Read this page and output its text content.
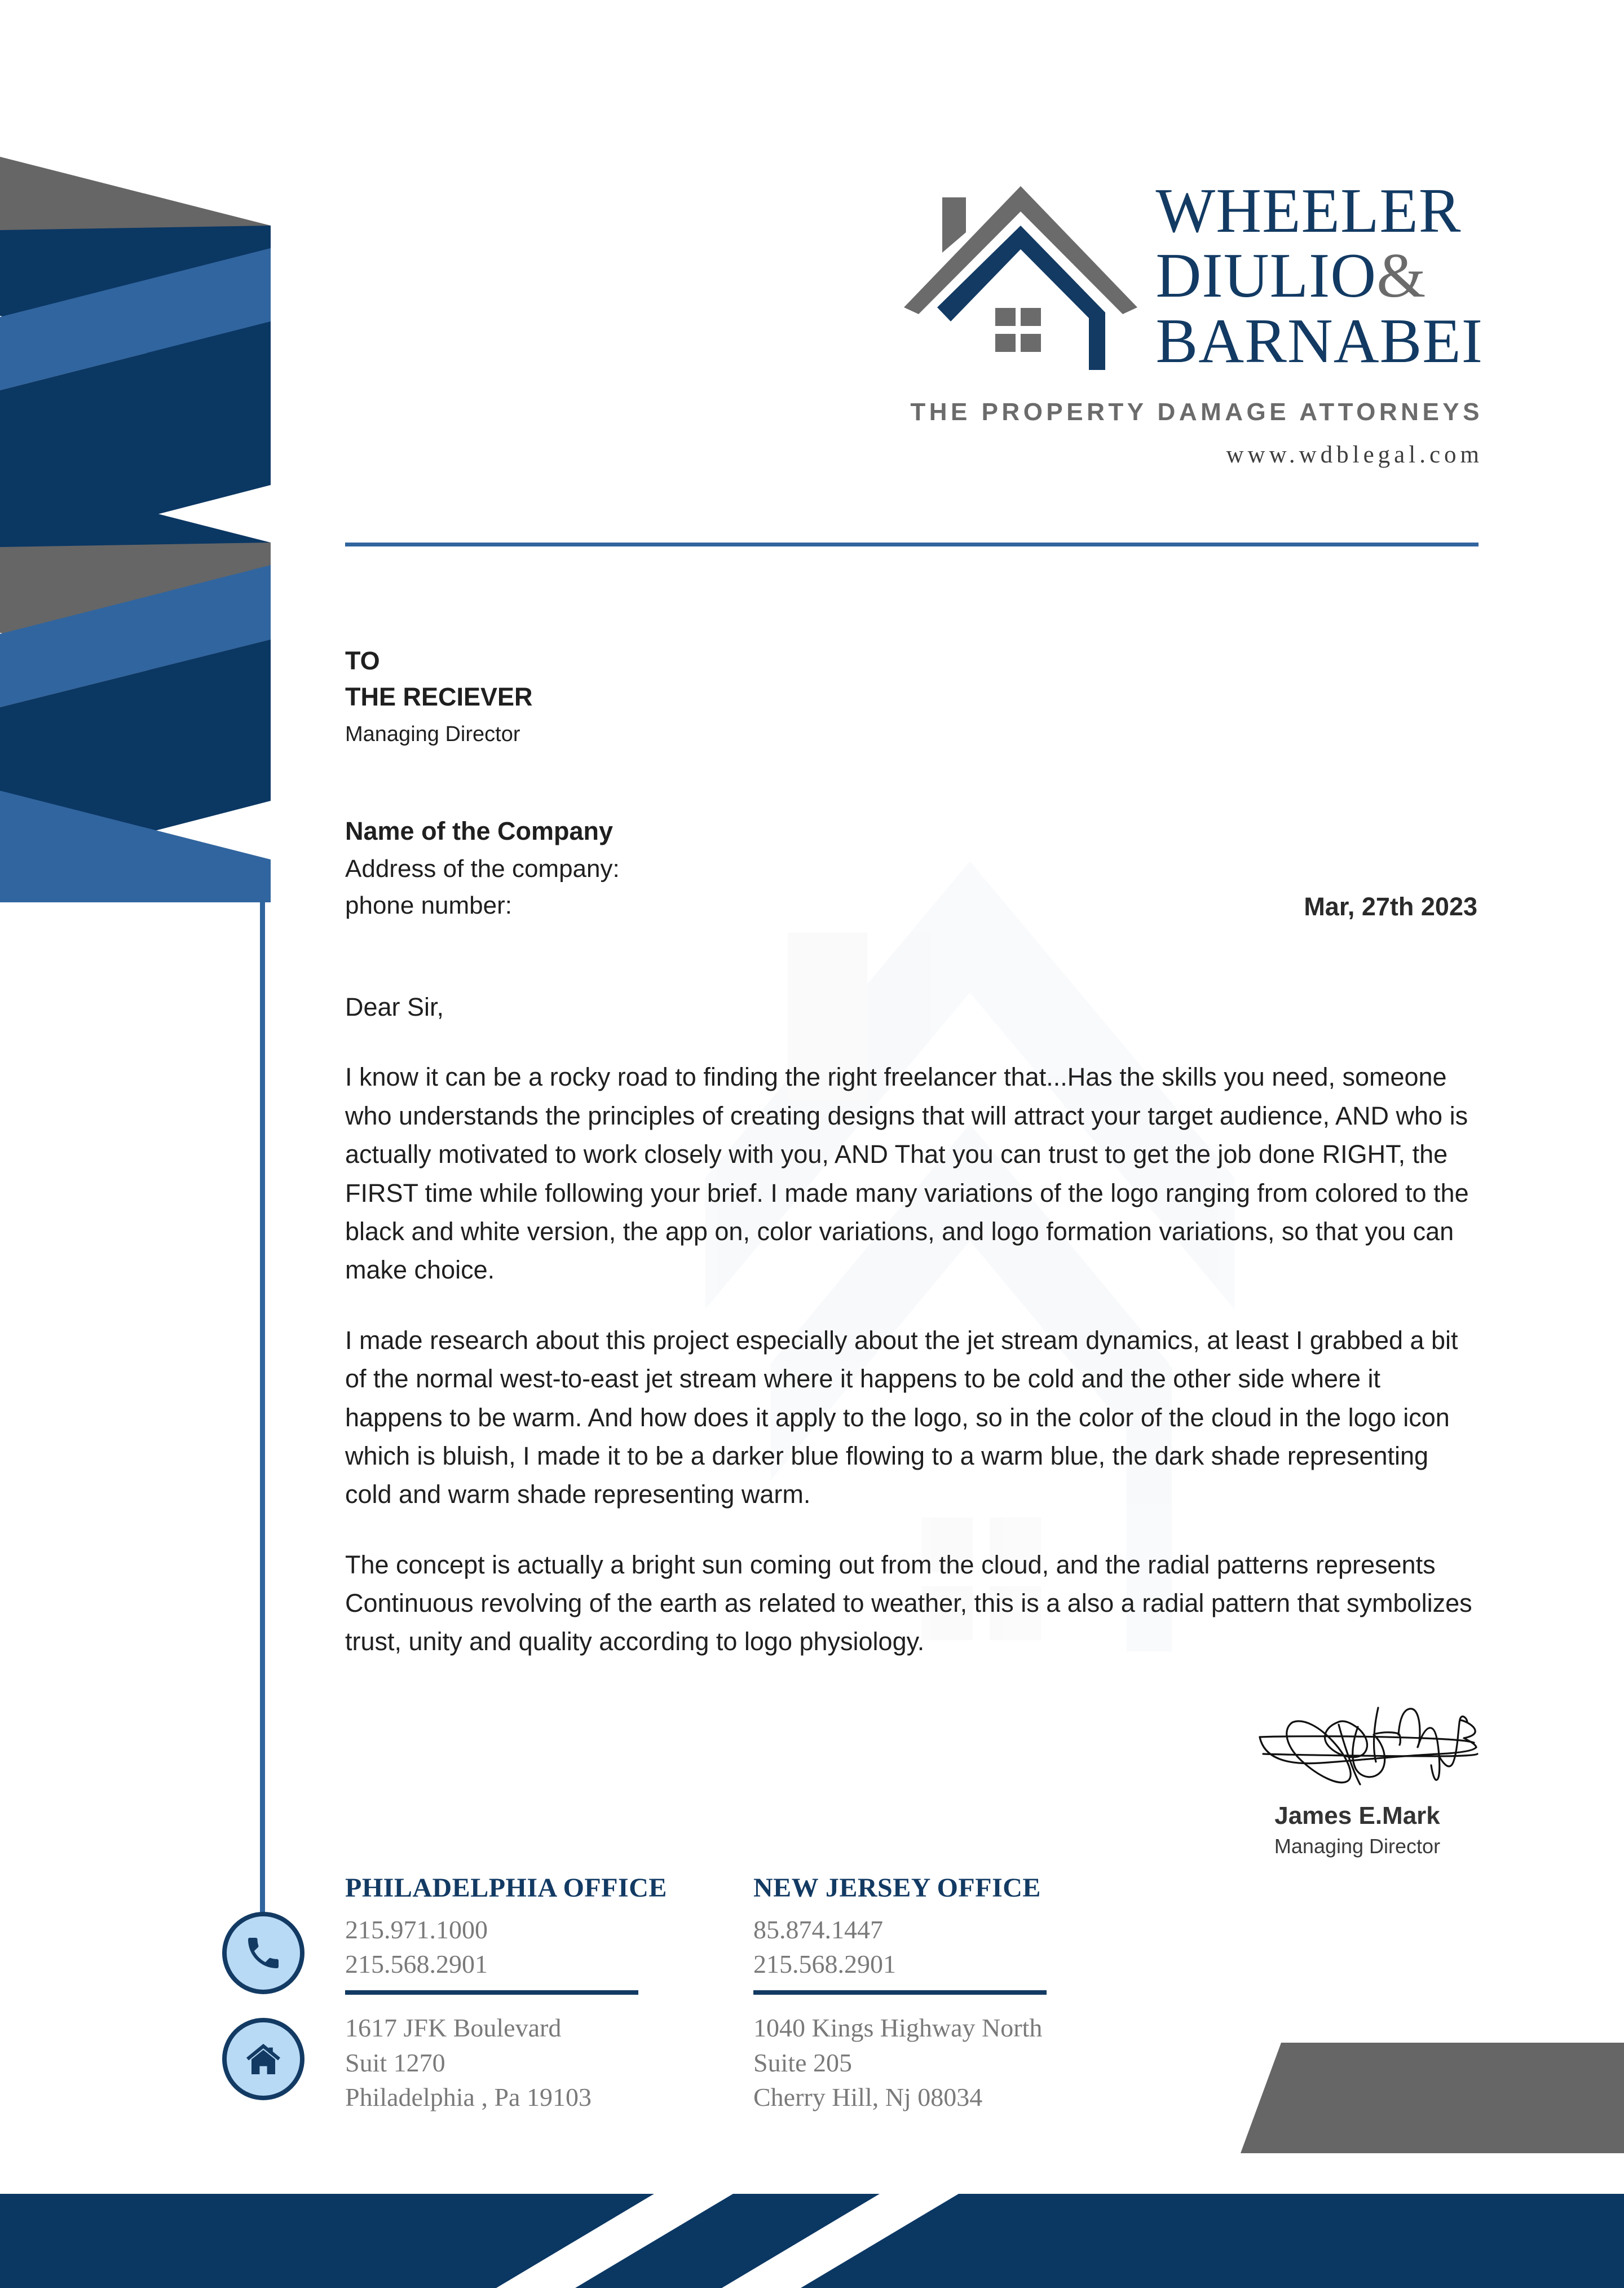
WHEELER
DIULIO&
BARNABEI
THE PROPERTY DAMAGE ATTORNEYS
www.wdblegal.com
TO
THE RECIEVER
Managing Director
Name of the Company
Address of the company:
phone number:	Mar, 27th 2023
Dear Sir,

I know it can be a rocky road to finding the right freelancer that...Has the skills you need, someone who understands the principles of creating designs that will attract your target audience, AND who is actually motivated to work closely with you, AND That you can trust to get the job done RIGHT, the FIRST time while following your brief. I made many variations of the logo ranging from colored to the black and white version, the app on, color variations, and logo formation variations, so that you can make choice.

I made research about this project especially about the jet stream dynamics, at least I grabbed a bit of the normal west-to-east jet stream where it happens to be cold and the other side where it happens to be warm. And how does it apply to the logo, so in the color of the cloud in the logo icon which is bluish, I made it to be a darker blue flowing to a warm blue, the dark shade representing cold and warm shade representing warm.

The concept is actually a bright sun coming out from the cloud, and the radial patterns represents Continuous revolving of the earth as related to weather, this is a also a radial pattern that symbolizes trust, unity and quality according to logo physiology.

James E.Mark
Managing Director
PHILADELPHIA OFFICE
215.971.1000
215.568.2901
1617 JFK Boulevard
Suit 1270
Philadelphia , Pa 19103
NEW JERSEY OFFICE
85.874.1447
215.568.2901
1040 Kings Highway North
Suite 205
Cherry Hill, Nj 08034
